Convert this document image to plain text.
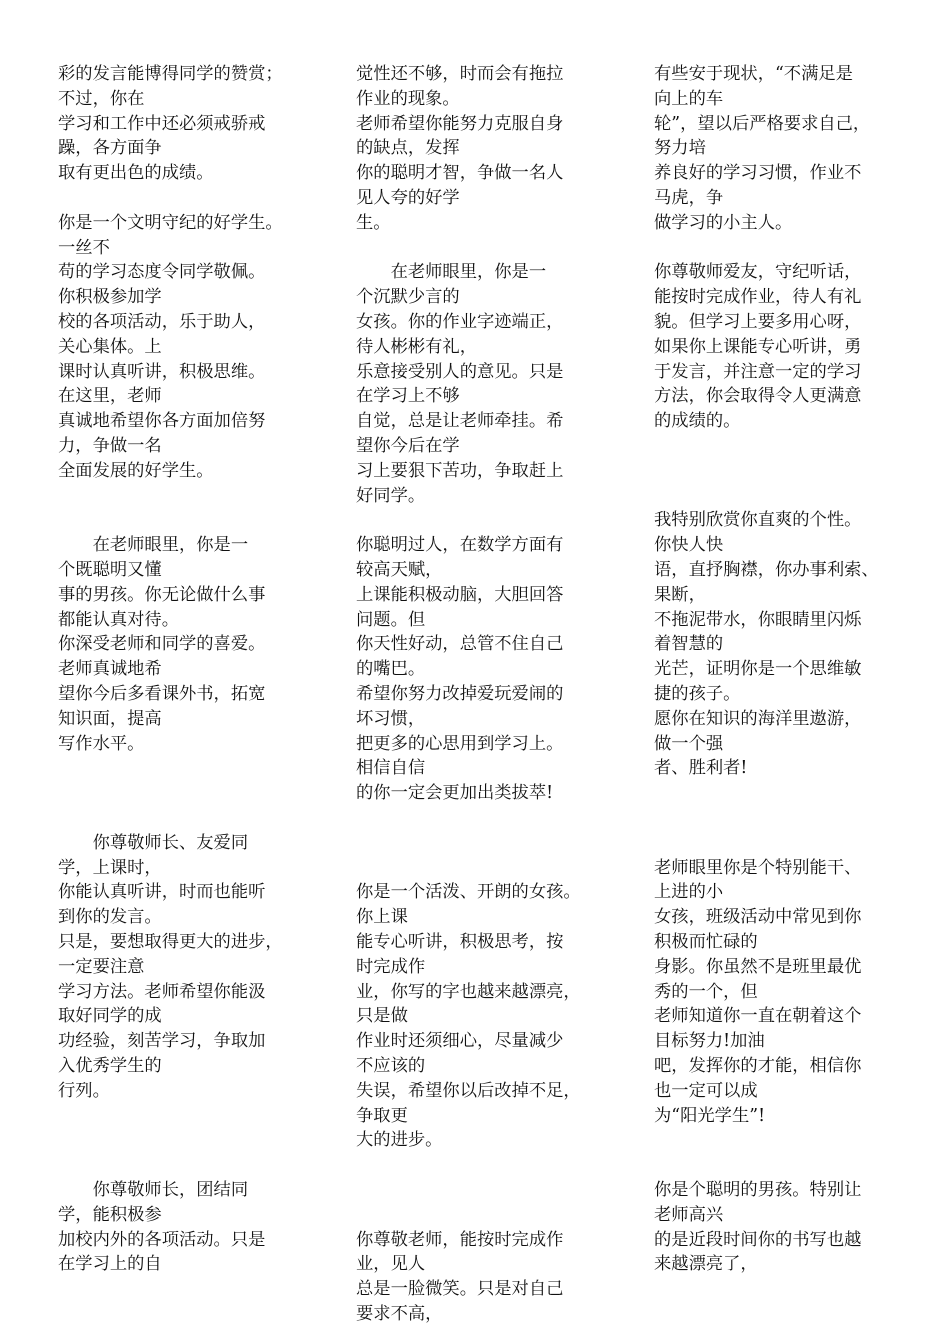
彩的发言能博得同学的赞赏；

不过，你在

学习和工作中还必须戒骄戒

躁，各方面争

取有更出色的成绩。

你是一个文明守纪的好学生。

一丝不

苟的学习态度令同学敬佩。

你积极参加学

校的各项活动，乐于助人，

关心集体。上

课时认真听讲，积极思维。

在这里，老师

真诚地希望你各方面加倍努

力，争做一名

全面发展的好学生。

　　在老师眼里，你是一

个既聪明又懂

事的男孩。你无论做什么事

都能认真对待。

你深受老师和同学的喜爱。

老师真诚地希

望你今后多看课外书，拓宽

知识面，提高

写作水平。

　　你尊敬师长、友爱同

学，上课时，

你能认真听讲，时而也能听

到你的发言。

只是，要想取得更大的进步，

一定要注意

学习方法。老师希望你能汲

取好同学的成

功经验，刻苦学习，争取加

入优秀学生的

行列。

　　你尊敬师长，团结同

学，能积极参

加校内外的各项活动。只是

在学习上的自

觉性还不够，时而会有拖拉

作业的现象。

老师希望你能努力克服自身

的缺点，发挥

你的聪明才智，争做一名人

见人夸的好学

生。

　　在老师眼里，你是一

个沉默少言的

女孩。你的作业字迹端正，

待人彬彬有礼，

乐意接受别人的意见。只是

在学习上不够

自觉，总是让老师牵挂。希

望你今后在学

习上要狠下苦功，争取赶上

好同学。

你聪明过人，在数学方面有

较高天赋，

上课能积极动脑，大胆回答

问题。但

你天性好动，总管不住自己

的嘴巴。

希望你努力改掉爱玩爱闹的

坏习惯，

把更多的心思用到学习上。

相信自信

的你一定会更加出类拔萃!

你是一个活泼、开朗的女孩。

你上课

能专心听讲，积极思考，按

时完成作

业，你写的字也越来越漂亮，

只是做

作业时还须细心，尽量减少

不应该的

失误，希望你以后改掉不足，

争取更

大的进步。

你尊敬老师，能按时完成作

业，见人

总是一脸微笑。只是对自己

要求不高，

有些安于现状，“不满足是

向上的车

轮”，望以后严格要求自己，

努力培

养良好的学习习惯，作业不

马虎，争

做学习的小主人。

你尊敬师爱友，守纪听话，

能按时完成作业，待人有礼

貌。但学习上要多用心呀，

如果你上课能专心听讲，勇

于发言，并注意一定的学习

方法，你会取得令人更满意

的成绩的。

我特别欣赏你直爽的个性。

你快人快

语，直抒胸襟，你办事利索、

果断，

不拖泥带水，你眼睛里闪烁

着智慧的

光芒，证明你是一个思维敏

捷的孩子。

愿你在知识的海洋里遨游，

做一个强

者、胜利者!

老师眼里你是个特别能干、

上进的小

女孩，班级活动中常见到你

积极而忙碌的

身影。你虽然不是班里最优

秀的一个，但

老师知道你一直在朝着这个

目标努力!加油

吧，发挥你的才能，相信你

也一定可以成

为“阳光学生”!

你是个聪明的男孩。特别让

老师高兴

的是近段时间你的书写也越

来越漂亮了，
